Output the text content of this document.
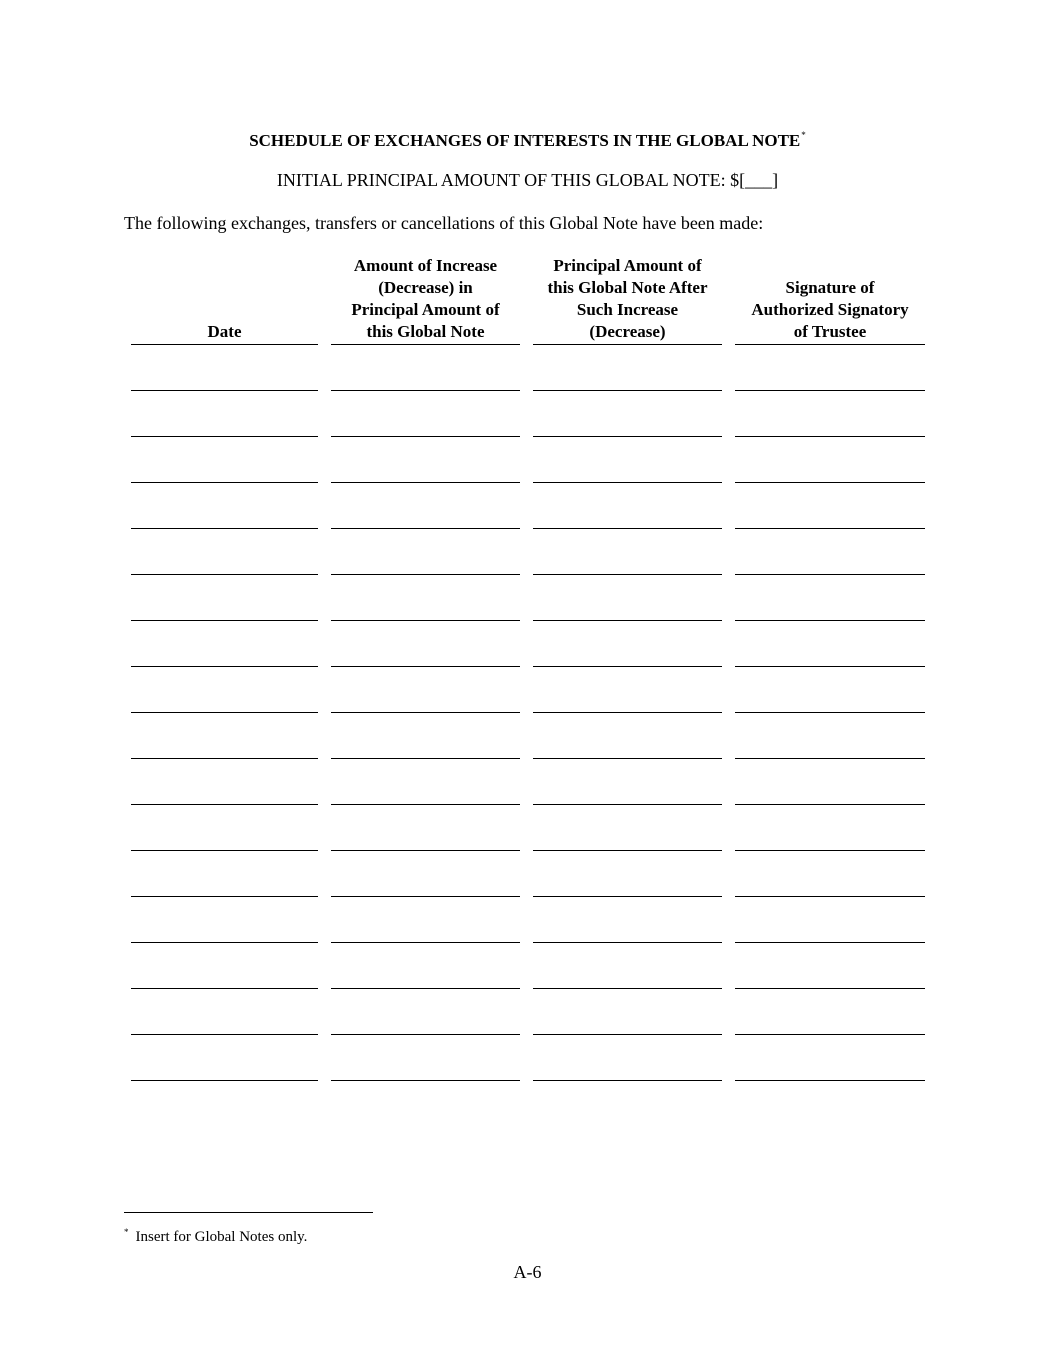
SCHEDULE OF EXCHANGES OF INTERESTS IN THE GLOBAL NOTE*
INITIAL PRINCIPAL AMOUNT OF THIS GLOBAL NOTE: $[___]
The following exchanges, transfers or cancellations of this Global Note have been made:
Date
Amount of Increase
(Decrease) in
Principal Amount of
this Global Note
Principal Amount of
this Global Note After
Such Increase
(Decrease)
Signature of
Authorized Signatory
of Trustee
* Insert for Global Notes only.
A-6
